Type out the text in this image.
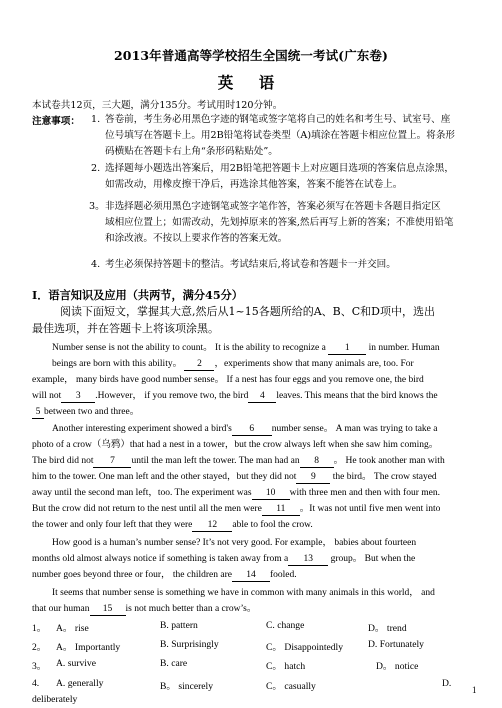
2013年普通高等学校招生全国统一考试(广东卷)
英 语
本试卷共12页，三大题，满分135分。考试用时120分钟。
注意事项： 1. 答卷前，考生务必用黑色字迹的钢笔或签字笔将自己的姓名和考生号、试室号、座
位号填写在答题卡上。用2B铅笔将试卷类型（A)填涂在答题卡相应位置上。将条形
码横贴在答题卡右上角“条形码粘贴处”。
2. 选择题每小题选出答案后，用2B铅笔把答题卡上对应题目选项的答案信息点涂黑，
如需改动，用橡皮擦干净后，再选涂其他答案，答案不能答在试卷上。
3。 非选择题必须用黑色字迹钢笔或签字笔作答，答案必须写在答题卡各题目指定区
域相应位置上；如需改动，先划掉原来的答案,然后再写上新的答案；不准使用铅笔
和涂改液。不按以上要求作答的答案无效。
4. 考生必须保持答题卡的整洁。考试结束后,将试卷和答题卡一并交回。
I．语言知识及应用（共两节，满分45分）
阅读下面短文，掌握其大意,然后从1~15各题所给的A、B、C和D项中，选出
最佳选项，并在答题卡上将该项涂黑。
Number sense is not the ability to count。 It is the ability to recognize a 1 in number. Human
beings are born with this ability。 2 ，experiments show that many animals are, too. For
example， many birds have good number sense。 If a nest has four eggs and you remove one, the bird
will not 3 .However， if you remove two, the bird 4 leaves. This means that the bird knows the
5 between two and three。
Another interesting experiment showed a bird's 6 number sense。 A man was trying to take a
photo of a crow（乌鸦）that had a nest in a tower，but the crow always left when she saw him coming。
The bird did not 7 until the man left the tower. The man had an 8 。 He took another man with
him to the tower. One man left and the other stayed，but they did not 9 the bird。 The crow stayed
away until the second man left，too. The experiment was 10 with three men and then with four men.
But the crow did not return to the nest until all the men were 11 。It was not until five men went into
the tower and only four left that they were 12 able to fool the crow.
How good is a human’s number sense? It’s not very good. For example， babies about fourteen
months old almost always notice if something is taken away from a 13 group。 But when the
number goes beyond three or four， the children are 14 fooled.
It seems that number sense is something we have in common with many animals in this world， and
that our human 15 is not much better than a crow’s。
1。 A。 rise	B. pattern	C. change	D。 trend
2。 A。 Importantly	B. Surprisingly	C。 Disappointedly	D. Fortunately
3。 A. survive	B. care	C。 hatch	D。 notice
4. A. generally	B。 sincerely	C。 casually	D.
deliberately
1
